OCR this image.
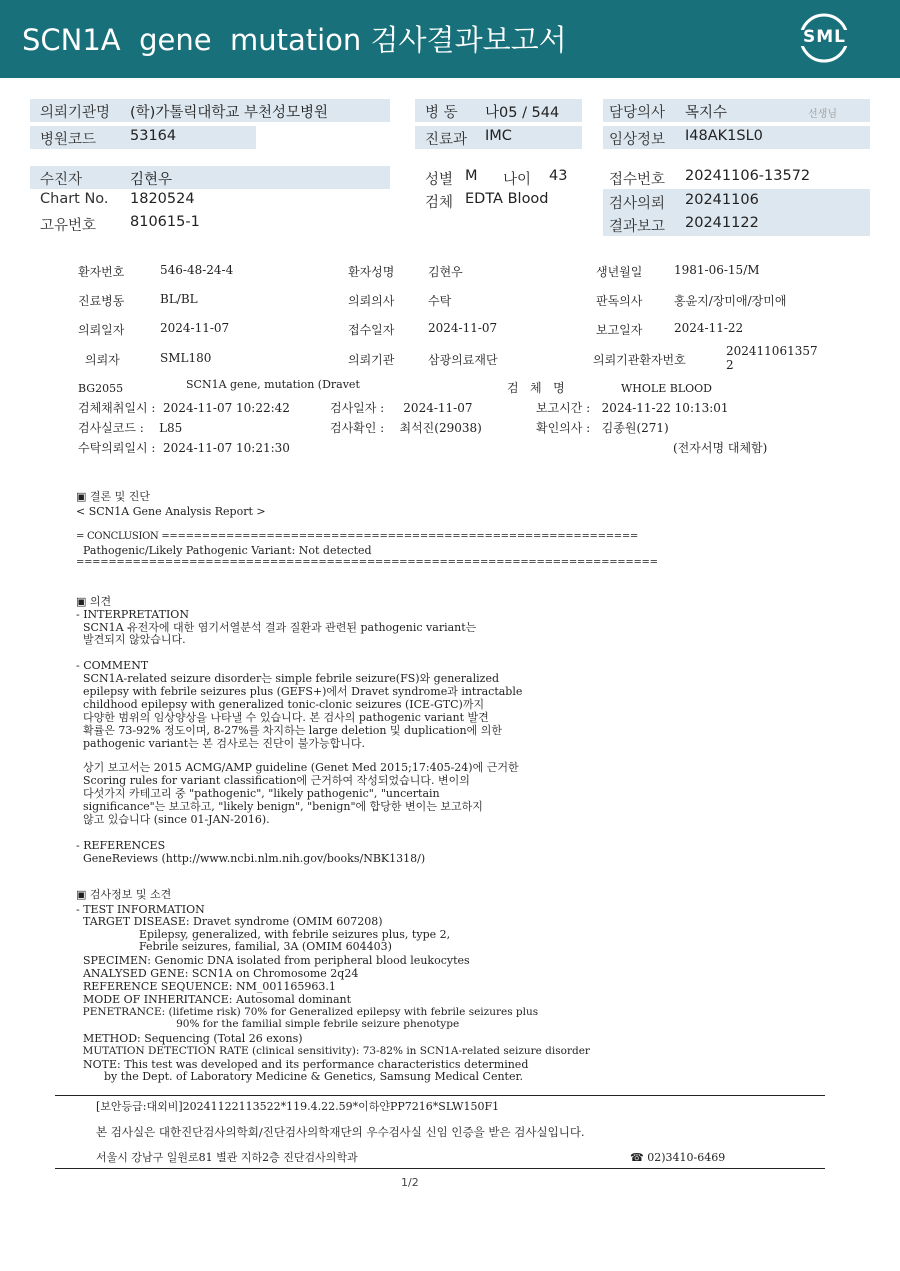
SCN1A  gene  mutation 검사결과보고서	SML
의뢰기관명 (학)가톨릭대학교 부천성모병원
병원코드 53164
병 동 나05 / 544
진료과 IMC
담당의사 목지수	선생님
임상정보 I48AK1SL0
수진자	김현우
Chart No. 1820524
고유번호 810615-1
성별 M 나이 43
검체 EDTA Blood
접수번호 20241106-13572
검사의뢰 20241106
결과보고 20241122
환자번호	546-48-24-4	환자성명	김현우	생년월일	1981-06-15/M
진료병동	BL/BL	의뢰의사	수탁	판독의사	홍윤지/장미애/장미애
의뢰일자	2024-11-07	접수일자	2024-11-07	보고일자	2024-11-22
의뢰자	SML180	의뢰기관	삼광의료재단	의뢰기관환자번호
202411061357
2
BG2055	SCN1A gene, mutation (Dravet	검   체   명	WHOLE BLOOD
검체채취일시 :  2024-11-07 10:22:42	검사일자 :     2024-11-07	보고시간 :   2024-11-22 10:13:01
검사실코드 :    L85	검사확인 :    최석진(29038)	확인의사 :   김종원(271)
수탁의뢰일시 :  2024-11-07 10:21:30	(전자서명 대체함)
▣ 결론 및 진단
< SCN1A Gene Analysis Report >
= CONCLUSION ===========================================================
Pathogenic/Likely Pathogenic Variant: Not detected
========================================================================
▣ 의견
- INTERPRETATION
SCN1A 유전자에 대한 염기서열분석 결과 질환과 관련된 pathogenic variant는
발견되지 않았습니다.
- COMMENT
SCN1A-related seizure disorder는 simple febrile seizure(FS)와 generalized
epilepsy with febrile seizures plus (GEFS+)에서 Dravet syndrome과 intractable
childhood epilepsy with generalized tonic-clonic seizures (ICE-GTC)까지
다양한 범위의 임상양상을 나타낼 수 있습니다. 본 검사의 pathogenic variant 발견
확률은 73-92% 정도이며, 8-27%를 차지하는 large deletion 및 duplication에 의한
pathogenic variant는 본 검사로는 진단이 불가능합니다.
상기 보고서는 2015 ACMG/AMP guideline (Genet Med 2015;17:405-24)에 근거한
Scoring rules for variant classification에 근거하여 작성되었습니다. 변이의
다섯가지 카테고리 중 "pathogenic", "likely pathogenic", "uncertain
significance"는 보고하고, "likely benign", "benign"에 합당한 변이는 보고하지
않고 있습니다 (since 01-JAN-2016).
- REFERENCES
GeneReviews (http://www.ncbi.nlm.nih.gov/books/NBK1318/)
▣ 검사정보 및 소견
- TEST INFORMATION
TARGET DISEASE: Dravet syndrome (OMIM 607208)
Epilepsy, generalized, with febrile seizures plus, type 2,
Febrile seizures, familial, 3A (OMIM 604403)
SPECIMEN: Genomic DNA isolated from peripheral blood leukocytes
ANALYSED GENE: SCN1A on Chromosome 2q24
REFERENCE SEQUENCE: NM_001165963.1
MODE OF INHERITANCE: Autosomal dominant
PENETRANCE: (lifetime risk) 70% for Generalized epilepsy with febrile seizures plus
90% for the familial simple febrile seizure phenotype
METHOD: Sequencing (Total 26 exons)
MUTATION DETECTION RATE (clinical sensitivity): 73-82% in SCN1A-related seizure disorder
NOTE: This test was developed and its performance characteristics determined
by the Dept. of Laboratory Medicine & Genetics, Samsung Medical Center.
[보안등급:대외비]20241122113522*119.4.22.59*이하얀PP7216*SLW150F1
본 검사실은 대한진단검사의학회/진단검사의학재단의 우수검사실 신임 인증을 받은 검사실입니다.
서울시 강남구 일원로81 별관 지하2층 진단검사의학과	☎ 02)3410-6469
1/2
